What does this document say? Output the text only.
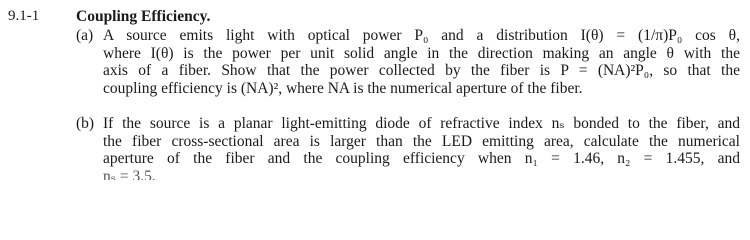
9.1-1 Coupling Efficiency.
(a) A source emits light with optical power P₀ and a distribution I(θ) = (1/π)P₀ cos θ,
where I(θ) is the power per unit solid angle in the direction making an angle θ with the
axis of a fiber. Show that the power collected by the fiber is P = (NA)²P₀, so that the
coupling efficiency is (NA)², where NA is the numerical aperture of the fiber.
(b) If the source is a planar light-emitting diode of refractive index nₛ bonded to the fiber, and
the fiber cross-sectional area is larger than the LED emitting area, calculate the numerical
aperture of the fiber and the coupling efficiency when n₁ = 1.46, n₂ = 1.455, and
nₛ = 3.5.
